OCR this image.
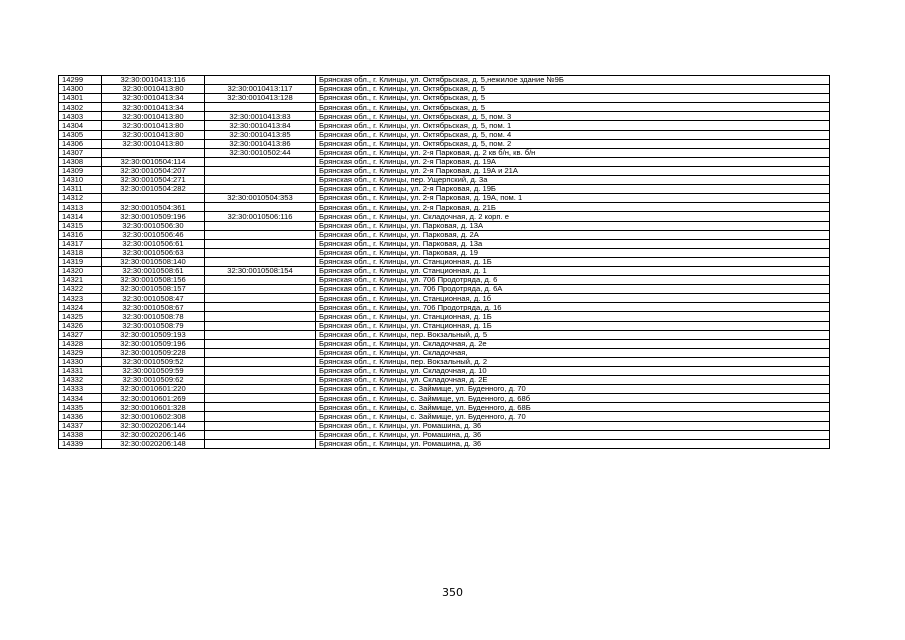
14299	32:30:0010413:116		Брянская обл., г. Клинцы, ул. Октябрьская, д. 5,нежилое здание №9Б
14300	32:30:0010413:80	32:30:0010413:117	Брянская обл., г. Клинцы, ул. Октябрьская, д. 5
14301	32:30:0010413:34	32:30:0010413:128	Брянская обл., г. Клинцы, ул. Октябрьская, д. 5
14302	32:30:0010413:34		Брянская обл., г. Клинцы, ул. Октябрьская, д. 5
14303	32:30:0010413:80	32:30:0010413:83	Брянская обл., г. Клинцы, ул. Октябрьская, д. 5, пом. 3
14304	32:30:0010413:80	32:30:0010413:84	Брянская обл., г. Клинцы, ул. Октябрьская, д. 5, пом. 1
14305	32:30:0010413:80	32:30:0010413:85	Брянская обл., г. Клинцы, ул. Октябрьская, д. 5, пом. 4
14306	32:30:0010413:80	32:30:0010413:86	Брянская обл., г. Клинцы, ул. Октябрьская, д. 5, пом. 2
14307		32:30:0010502:44	Брянская обл., г. Клинцы, ул. 2-я Парковая, д. 2 кв б/н, кв. б/н
14308	32:30:0010504:114		Брянская обл., г. Клинцы, ул. 2-я Парковая, д. 19А
14309	32:30:0010504:207		Брянская обл., г. Клинцы, ул. 2-я Парковая, д. 19А и 21А
14310	32:30:0010504:271		Брянская обл., г. Клинцы, пер. Ущерпский, д. 3а
14311	32:30:0010504:282		Брянская обл., г. Клинцы, ул. 2-я Парковая, д. 19Б
14312		32:30:0010504:353	Брянская обл., г. Клинцы, ул. 2-я Парковая, д. 19А, пом. 1
14313	32:30:0010504:361		Брянская обл., г. Клинцы, ул. 2-я Парковая, д. 21Б
14314	32:30:0010509:196	32:30:0010506:116	Брянская обл., г. Клинцы, ул. Складочная, д. 2 корп. е
14315	32:30:0010506:30		Брянская обл., г. Клинцы, ул. Парковая, д. 13А
14316	32:30:0010506:46		Брянская обл., г. Клинцы, ул. Парковая, д. 2А
14317	32:30:0010506:61		Брянская обл., г. Клинцы, ул. Парковая, д. 13а
14318	32:30:0010506:63		Брянская обл., г. Клинцы, ул. Парковая, д. 19
14319	32:30:0010508:140		Брянская обл., г. Клинцы, ул. Станционная, д. 1Б
14320	32:30:0010508:61	32:30:0010508:154	Брянская обл., г. Клинцы, ул. Станционная, д. 1
14321	32:30:0010508:156		Брянская обл., г. Клинцы, ул. 706 Продотряда, д. 6
14322	32:30:0010508:157		Брянская обл., г. Клинцы, ул. 706 Продотряда, д. 6А
14323	32:30:0010508:47		Брянская обл., г. Клинцы, ул. Станционная, д. 1б
14324	32:30:0010508:67		Брянская обл., г. Клинцы, ул. 706 Продотряда, д. 16
14325	32:30:0010508:78		Брянская обл., г. Клинцы, ул. Станционная, д. 1Б
14326	32:30:0010508:79		Брянская обл., г. Клинцы, ул. Станционная, д. 1Б
14327	32:30:0010509:193		Брянская обл., г. Клинцы, пер. Вокзальный, д. 5
14328	32:30:0010509:196		Брянская обл., г. Клинцы, ул. Складочная, д. 2е
14329	32:30:0010509:228		Брянская обл., г. Клинцы, ул. Складочная,
14330	32:30:0010509:52		Брянская обл., г. Клинцы, пер. Вокзальный, д. 2
14331	32:30:0010509:59		Брянская обл., г. Клинцы, ул. Складочная, д. 10
14332	32:30:0010509:62		Брянская обл., г. Клинцы, ул. Складочная, д. 2Е
14333	32:30:0010601:220		Брянская обл., г. Клинцы, с. Займище, ул. Буденного, д. 70
14334	32:30:0010601:269		Брянская обл., г. Клинцы, с. Займище, ул. Буденного, д. 68б
14335	32:30:0010601:328		Брянская обл., г. Клинцы, с. Займище, ул. Буденного, д. 68Б
14336	32:30:0010602:308		Брянская обл., г. Клинцы, с. Займище, ул. Буденного, д. 70
14337	32:30:0020206:144		Брянская обл., г. Клинцы, ул. Ромашина, д. 36
14338	32:30:0020206:146		Брянская обл., г. Клинцы, ул. Ромашина, д. 36
14339	32:30:0020206:148		Брянская обл., г. Клинцы, ул. Ромашина, д. 36
350
